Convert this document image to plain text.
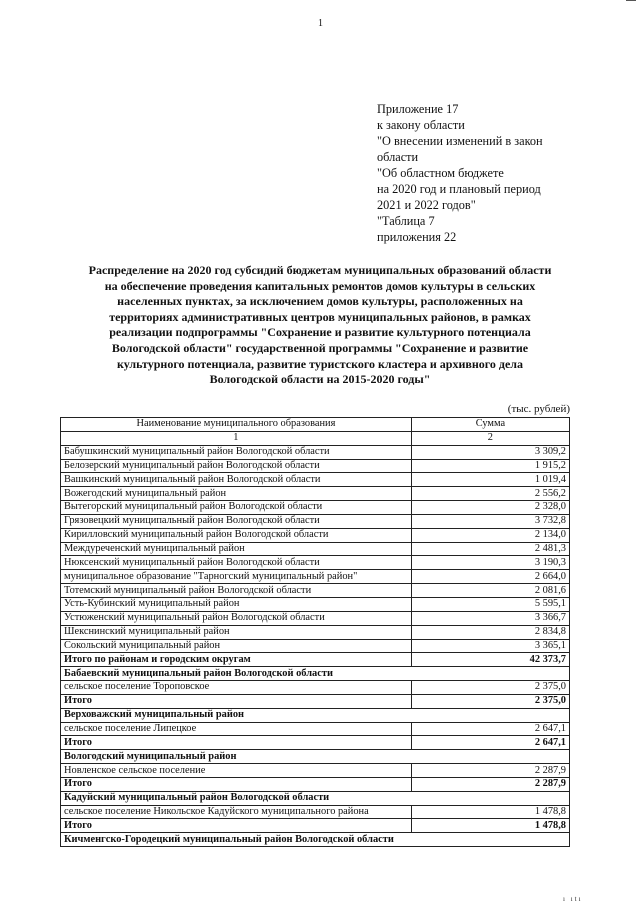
1
Приложение 17
к закону области
"О внесении изменений в закон
области
"Об областном бюджете
на 2020 год и плановый период
2021 и 2022 годов"
"Таблица 7
приложения 22
Распределение на 2020 год субсидий бюджетам муниципальных образований области
на обеспечение проведения капитальных ремонтов домов культуры в сельских
населенных пунктах, за исключением домов культуры, расположенных на
территориях административных центров муниципальных районов, в рамках
реализации подпрограммы "Сохранение и развитие культурного потенциала
Вологодской области" государственной программы "Сохранение и развитие
культурного потенциала, развитие туристского кластера и архивного дела
Вологодской области на 2015-2020 годы"
(тыс. рублей)
Наименование муниципального образования	Сумма
1	2
Бабушкинский муниципальный район Вологодской области	3 309,2
Белозерский муниципальный район Вологодской области	1 915,2
Вашкинский муниципальный район Вологодской области	1 019,4
Вожегодский муниципальный район	2 556,2
Вытегорский муниципальный район Вологодской области	2 328,0
Грязовецкий муниципальный район Вологодской области	3 732,8
Кирилловский муниципальный район Вологодской области	2 134,0
Междуреченский муниципальный район	2 481,3
Нюксенский муниципальный район Вологодской области	3 190,3
муниципальное образование "Тарногский муниципальный район"	2 664,0
Тотемский муниципальный район Вологодской области	2 081,6
Усть-Кубинский муниципальный район	5 595,1
Устюженский муниципальный район Вологодской области	3 366,7
Шекснинский муниципальный район	2 834,8
Сокольский муниципальный район	3 365,1
Итого по районам и городским округам	42 373,7
Бабаевский муниципальный район Вологодской области	
сельское поселение Тороповское	2 375,0
Итого	2 375,0
Верховажский муниципальный район	
сельское поселение Липецкое	2 647,1
Итого	2 647,1
Вологодский муниципальный район	
Новленское сельское поселение	2 287,9
Итого	2 287,9
Кадуйский муниципальный район Вологодской области	
сельское поселение Никольское Кадуйского муниципального района	1 478,8
Итого	1 478,8
Кичменгско-Городецкий муниципальный район Вологодской области	
ı ıtı
